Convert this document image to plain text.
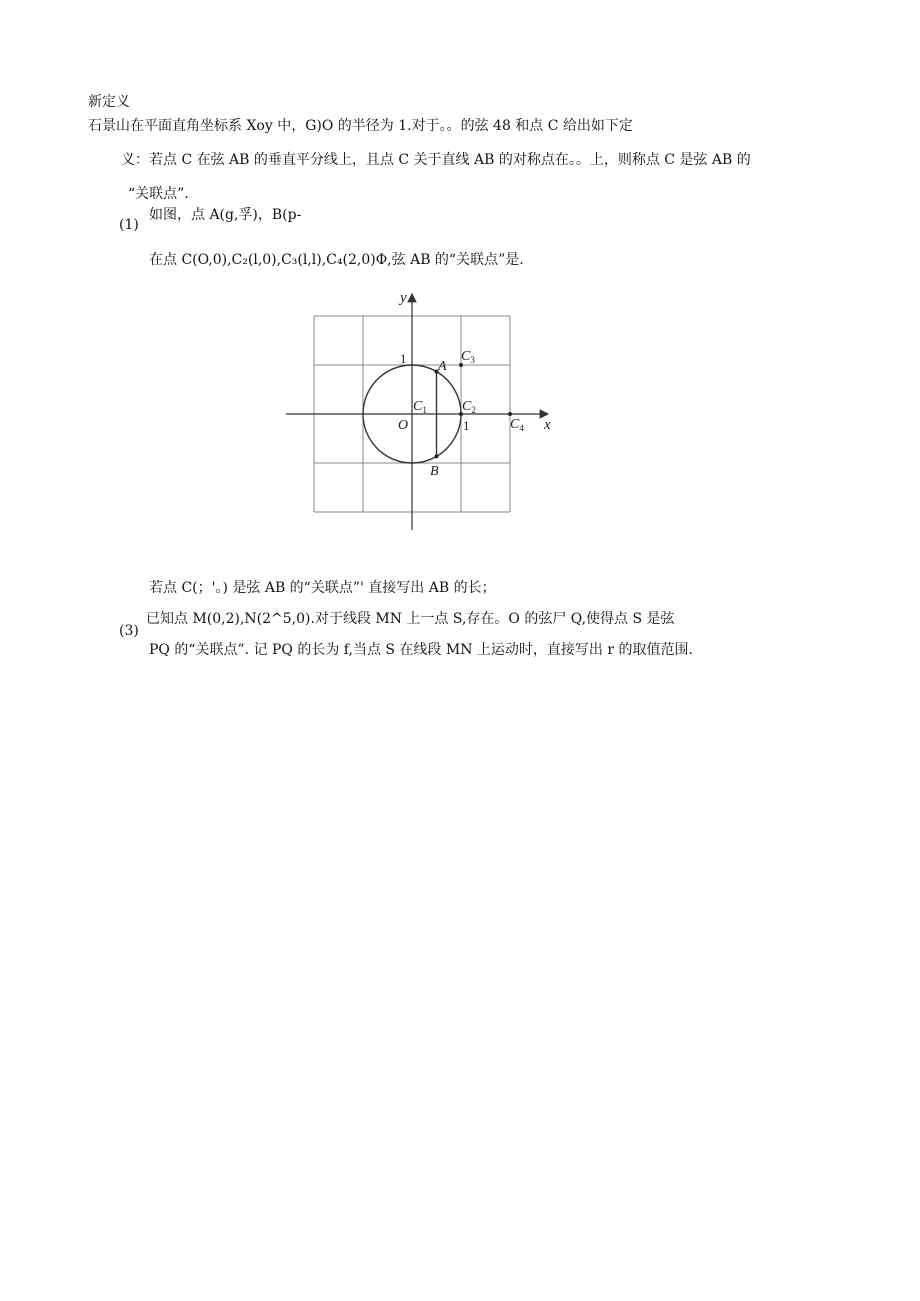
新定义
石景山在平面直角坐标系 Xoy 中，G)O 的半径为 1.对于。。的弦 48 和点 C 给出如下定
义：若点 C 在弦 AB 的垂直平分线上，且点 C 关于直线 AB 的对称点在。。上，则称点 C 是弦 AB 的
“关联点”.
(1)
如图，点 A(g,孚)，B(p-
在点 C(O,0),C₂(l,0),C₃(l,l),C₄(2,0)Φ,弦 AB 的“关联点”是.
y
x
O
1
1
A
B
$C_1$	$C_2$
$C_3$
$C_4$
若点 C(；'。) 是弦 AB 的“关联点”' 直接写出 AB 的长；
(3)
已知点 M(0,2),N(2^5,0).对于线段 MN 上一点 S,存在。O 的弦尸 Q,使得点 S 是弦
PQ 的“关联点”. 记 PQ 的长为 f,当点 S 在线段 MN 上运动时，直接写出 r 的取值范围.
